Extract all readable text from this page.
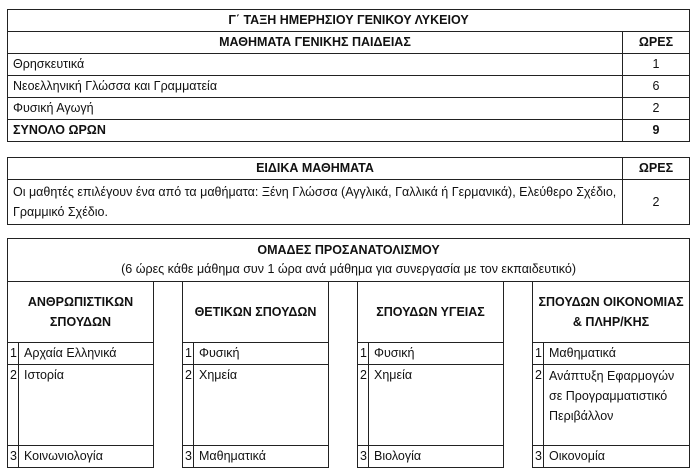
Γ΄ ΤΑΞΗ ΗΜΕΡΗΣΙΟΥ ΓΕΝΙΚΟΥ ΛΥΚΕΙΟΥ	
ΜΑΘΗΜΑΤΑ ΓΕΝΙΚΗΣ ΠΑΙΔΕΙΑΣ	ΩΡΕΣ
Θρησκευτικά	1
Νεοελληνική Γλώσσα και Γραμματεία	6
Φυσική Αγωγή	2
ΣΥΝΟΛΟ ΩΡΩΝ	9
ΕΙΔΙΚΑ ΜΑΘΗΜΑΤΑ	ΩΡΕΣ
Οι μαθητές επιλέγουν ένα από τα μαθήματα: Ξένη Γλώσσα (Αγγλικά, Γαλλικά ή Γερμανικά), Ελεύθερο Σχέδιο, Γραμμικό Σχέδιο.	2
ΟΜΑΔΕΣ ΠΡΟΣΑΝΑΤΟΛΙΣΜΟΥ
(6 ώρες κάθε μάθημα συν 1 ώρα ανά μάθημα για συνεργασία με τον εκπαιδευτικό)										

ΑΝΘΡΩΠΙΣΤΙΚΩΝ ΣΠΟΥΔΩΝ			ΘΕΤΙΚΩΝ ΣΠΟΥΔΩΝ			ΣΠΟΥΔΩΝ ΥΓΕΙΑΣ			ΣΠΟΥΔΩΝ ΟΙΚΟΝΟΜΙΑΣ & ΠΛΗΡ/ΚΗΣ	
1	Αρχαία Ελληνικά		1	Φυσική		1	Φυσική		1	Μαθηματικά
2	Ιστορία		2	Χημεία		2	Χημεία		2	Ανάπτυξη Εφαρμογών σε Προγραμματιστικό Περιβάλλον
3	Κοινωνιολογία		3	Μαθηματικά		3	Βιολογία		3	Οικονομία
